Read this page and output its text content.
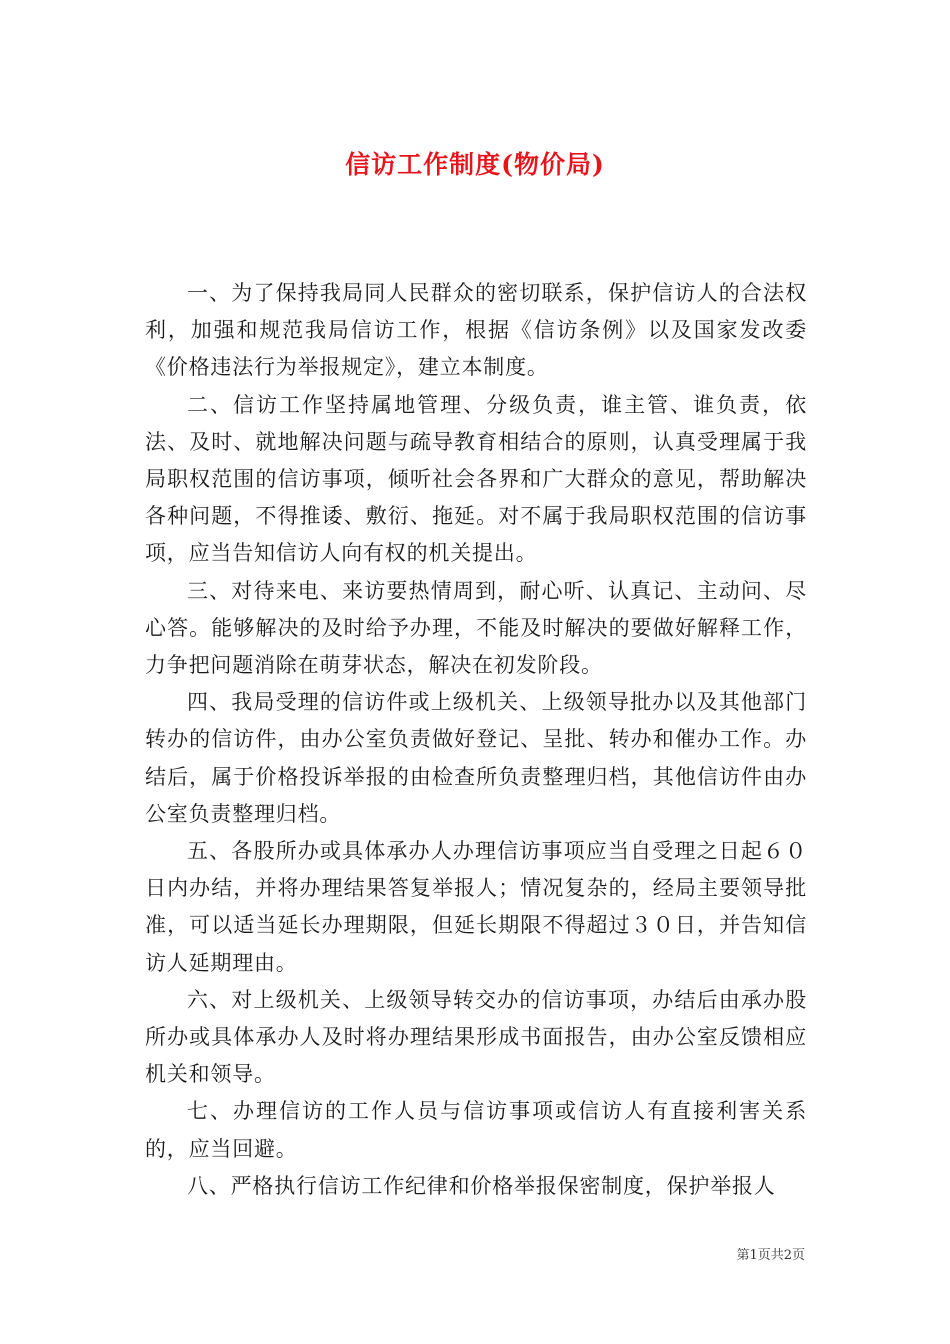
信访工作制度(物价局)

一、为了保持我局同人民群众的密切联系，保护信访人的合法权利，加强和规范我局信访工作，根据《信访条例》以及国家发改委《价格违法行为举报规定》，建立本制度。

二、信访工作坚持属地管理、分级负责，谁主管、谁负责，依法、及时、就地解决问题与疏导教育相结合的原则，认真受理属于我局职权范围的信访事项，倾听社会各界和广大群众的意见，帮助解决各种问题，不得推诿、敷衍、拖延。对不属于我局职权范围的信访事项，应当告知信访人向有权的机关提出。

三、对待来电、来访要热情周到，耐心听、认真记、主动问、尽心答。能够解决的及时给予办理，不能及时解决的要做好解释工作，力争把问题消除在萌芽状态，解决在初发阶段。

四、我局受理的信访件或上级机关、上级领导批办以及其他部门转办的信访件，由办公室负责做好登记、呈批、转办和催办工作。办结后，属于价格投诉举报的由检查所负责整理归档，其他信访件由办公室负责整理归档。

五、各股所办或具体承办人办理信访事项应当自受理之日起６０日内办结，并将办理结果答复举报人；情况复杂的，经局主要领导批准，可以适当延长办理期限，但延长期限不得超过３０日，并告知信访人延期理由。

六、对上级机关、上级领导转交办的信访事项，办结后由承办股所办或具体承办人及时将办理结果形成书面报告，由办公室反馈相应机关和领导。

七、办理信访的工作人员与信访事项或信访人有直接利害关系的，应当回避。

八、严格执行信访工作纪律和价格举报保密制度，保护举报人

第1页共2页
